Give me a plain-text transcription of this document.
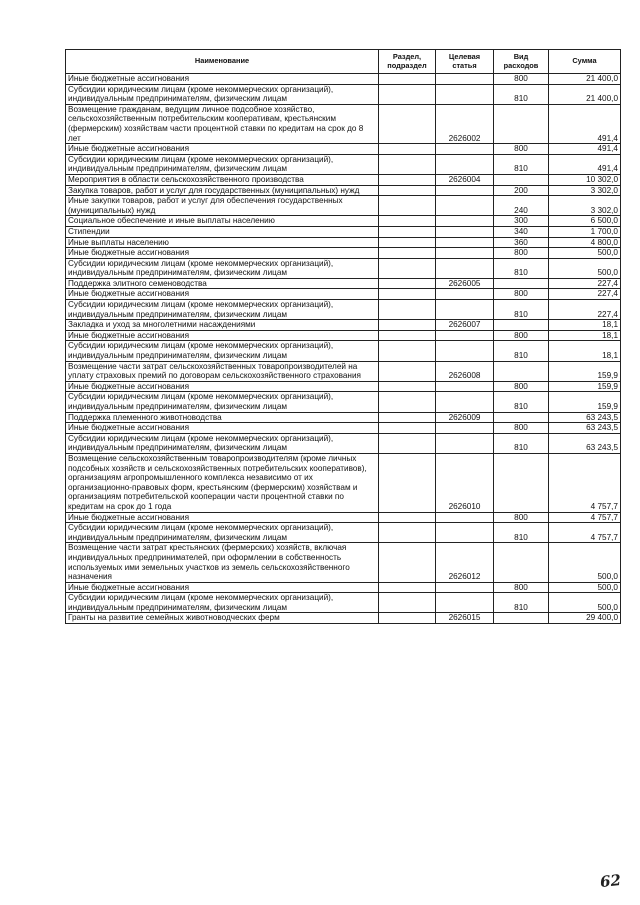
Наименование	Раздел, подраздел	Целевая статья	Вид расходов	Сумма
Иные бюджетные ассигнования			800	21 400,0
Субсидии юридическим лицам (кроме некоммерческих организаций), индивидуальным предпринимателям, физическим лицам			810	21 400,0
Возмещение гражданам, ведущим личное подсобное хозяйство, сельскохозяйственным потребительским кооперативам, крестьянским (фермерским) хозяйствам части процентной ставки по кредитам на срок до 8 лет		2626002		491,4
Иные бюджетные ассигнования			800	491,4
Субсидии юридическим лицам (кроме некоммерческих организаций), индивидуальным предпринимателям, физическим лицам			810	491,4
Мероприятия в области сельскохозяйственного производства		2626004		10 302,0
Закупка товаров, работ и услуг для государственных (муниципальных) нужд			200	3 302,0
Иные закупки товаров, работ и услуг для обеспечения государственных (муниципальных) нужд			240	3 302,0
Социальное обеспечение и иные выплаты населению			300	6 500,0
Стипендии			340	1 700,0
Иные выплаты населению			360	4 800,0
Иные бюджетные ассигнования			800	500,0
Субсидии юридическим лицам (кроме некоммерческих организаций), индивидуальным предпринимателям, физическим лицам			810	500,0
Поддержка элитного семеноводства		2626005		227,4
Иные бюджетные ассигнования			800	227,4
Субсидии юридическим лицам (кроме некоммерческих организаций), индивидуальным предпринимателям, физическим лицам			810	227,4
Закладка и уход за многолетними насаждениями		2626007		18,1
Иные бюджетные ассигнования			800	18,1
Субсидии юридическим лицам (кроме некоммерческих организаций), индивидуальным предпринимателям, физическим лицам			810	18,1
Возмещение части затрат сельскохозяйственных товаропроизводителей на уплату страховых премий по договорам сельскохозяйственного страхования		2626008		159,9
Иные бюджетные ассигнования			800	159,9
Субсидии юридическим лицам (кроме некоммерческих организаций), индивидуальным предпринимателям, физическим лицам			810	159,9
Поддержка племенного животноводства		2626009		63 243,5
Иные бюджетные ассигнования			800	63 243,5
Субсидии юридическим лицам (кроме некоммерческих организаций), индивидуальным предпринимателям, физическим лицам			810	63 243,5
Возмещение сельскохозяйственным товаропроизводителям (кроме личных подсобных хозяйств и сельскохозяйственных потребительских кооперативов), организациям агропромышленного комплекса независимо от их организационно-правовых форм, крестьянским (фермерским) хозяйствам и организациям потребительской кооперации части процентной ставки по кредитам на срок до 1 года		2626010		4 757,7
Иные бюджетные ассигнования			800	4 757,7
Субсидии юридическим лицам (кроме некоммерческих организаций), индивидуальным предпринимателям, физическим лицам			810	4 757,7
Возмещение части затрат крестьянских (фермерских) хозяйств, включая индивидуальных предпринимателей, при оформлении в собственность используемых ими земельных участков из земель сельскохозяйственного назначения		2626012		500,0
Иные бюджетные ассигнования			800	500,0
Субсидии юридическим лицам (кроме некоммерческих организаций), индивидуальным предпринимателям, физическим лицам			810	500,0
Гранты на развитие семейных животноводческих ферм		2626015		29 400,0
62
